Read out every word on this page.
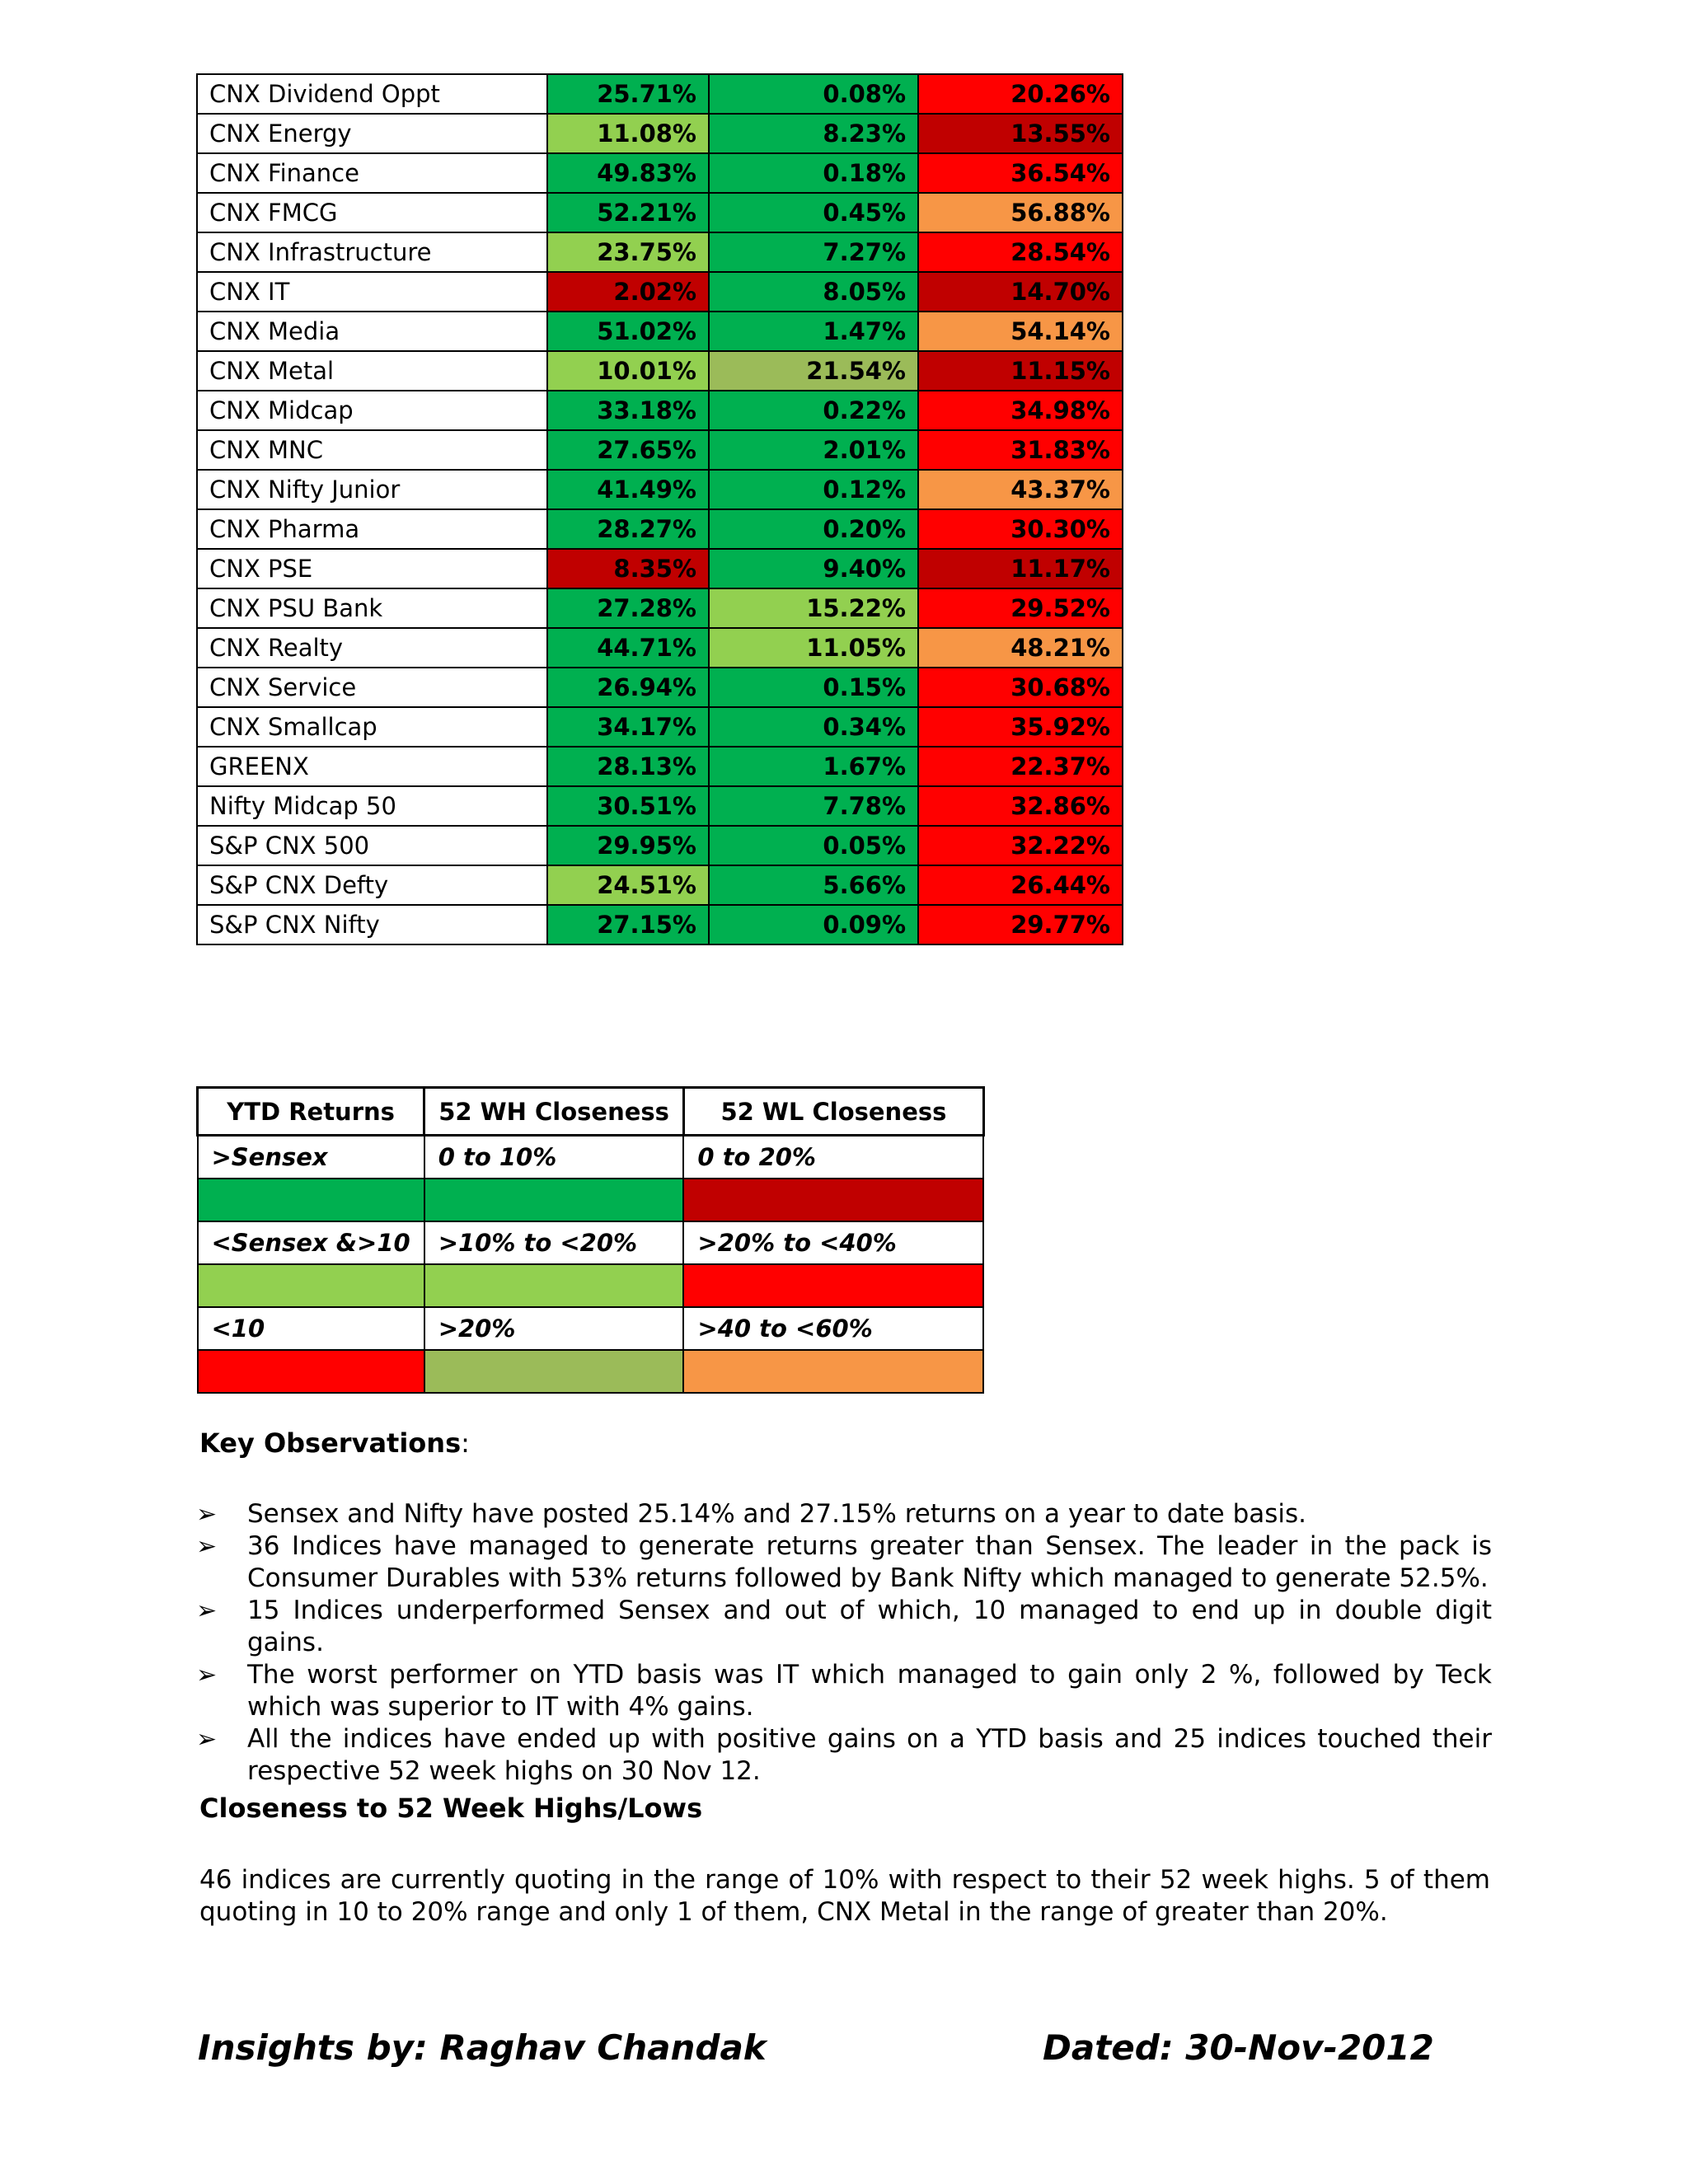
CNX Dividend Oppt	25.71%	0.08%	20.26%
CNX Energy	11.08%	8.23%	13.55%
CNX Finance	49.83%	0.18%	36.54%
CNX FMCG	52.21%	0.45%	56.88%
CNX Infrastructure	23.75%	7.27%	28.54%
CNX IT	2.02%	8.05%	14.70%
CNX Media	51.02%	1.47%	54.14%
CNX Metal	10.01%	21.54%	11.15%
CNX Midcap	33.18%	0.22%	34.98%
CNX MNC	27.65%	2.01%	31.83%
CNX Nifty Junior	41.49%	0.12%	43.37%
CNX Pharma	28.27%	0.20%	30.30%
CNX PSE	8.35%	9.40%	11.17%
CNX PSU Bank	27.28%	15.22%	29.52%
CNX Realty	44.71%	11.05%	48.21%
CNX Service	26.94%	0.15%	30.68%
CNX Smallcap	34.17%	0.34%	35.92%
GREENX	28.13%	1.67%	22.37%
Nifty Midcap 50	30.51%	7.78%	32.86%
S&P CNX 500	29.95%	0.05%	32.22%
S&P CNX Defty	24.51%	5.66%	26.44%
S&P CNX Nifty	27.15%	0.09%	29.77%
YTD Returns	52 WH Closeness	52 WL Closeness
>Sensex	0 to 10%	0 to 20%

<Sensex &>10	>10% to <20%	>20% to <40%

<10	>20%	>40 to <60%

Key Observations:
➢ Sensex and Nifty have posted 25.14% and 27.15% returns on a year to date basis.
➢ 36 Indices have managed to generate returns greater than Sensex. The leader in the pack is Consumer Durables with 53% returns followed by Bank Nifty which managed to generate 52.5%.
➢ 15 Indices underperformed Sensex and out of which, 10 managed to end up in double digit gains.
➢ The worst performer on YTD basis was IT which managed to gain only 2 %, followed by Teck which was superior to IT with 4% gains.
➢ All the indices have ended up with positive gains on a YTD basis and 25 indices touched their respective 52 week highs on 30 Nov 12.
Closeness to 52 Week Highs/Lows

46 indices are currently quoting in the range of 10% with respect to their 52 week highs. 5 of them quoting in 10 to 20% range and only 1 of them, CNX Metal in the range of greater than 20%.

Insights by: Raghav Chandak	Dated: 30-Nov-2012
